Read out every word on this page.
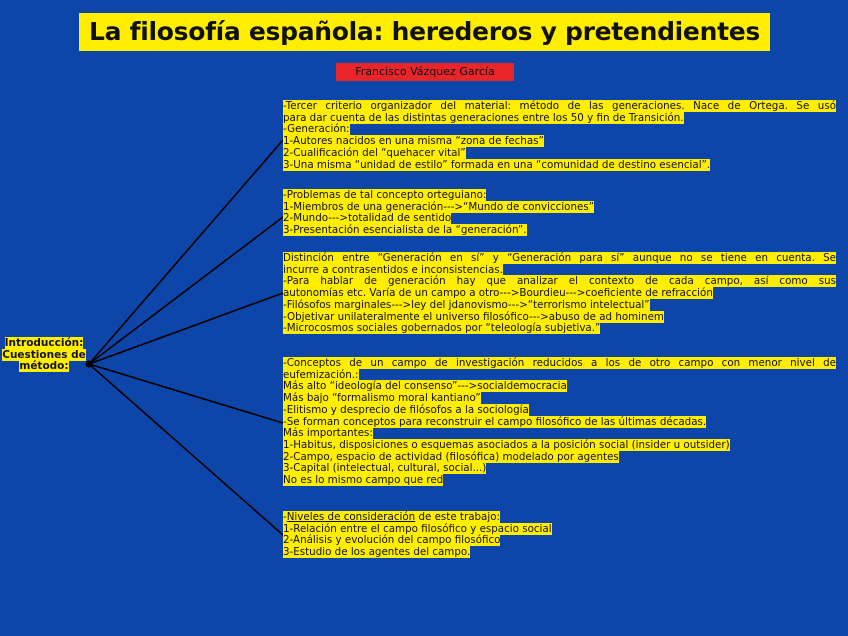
La filosofía española: herederos y pretendientes
Francisco Vázquez García
Introducción: Cuestiones de método:
-Tercer criterio organizador del material: método de las generaciones. Nace de Ortega. Se usó
para dar cuenta de las distintas generaciones entre los 50 y fin de Transición.
-Generación:
1-Autores nacidos en una misma “zona de fechas”
2-Cualificación del “quehacer vital”
3-Una misma “unidad de estilo” formada en una “comunidad de destino esencial”.
-Problemas de tal concepto orteguiano:
1-Miembros de una generación--->“Mundo de convicciones”
2-Mundo--->totalidad de sentido
3-Presentación esencialista de la “generación”.
Distinción entre “Generación en sí” y “Generación para sí” aunque no se tiene en cuenta. Se
incurre a contrasentidos e inconsistencias.
-Para hablar de generación hay que analizar el contexto de cada campo, así como sus
autonomías etc. Varía de un campo a otro--->Bourdieu--->coeficiente de refracción
-Filósofos marginales--->ley del jdanovismo--->“terrorismo intelectual”
-Objetivar unilateralmente el universo filosófico--->abuso de ad hominem
-Microcosmos sociales gobernados por “teleología subjetiva.”
-Conceptos de un campo de investigación reducidos a los de otro campo con menor nivel de
eufemización.:
Más alto “ideología del consenso”--->socialdemocracia
Más bajo “formalismo moral kantiano”
-Elitismo y desprecio de filósofos a la sociología
-Se forman conceptos para reconstruir el campo filosófico de las últimas décadas.
Más importantes:
1-Habitus, disposiciones o esquemas asociados a la posición social (insider u outsider)
2-Campo, espacio de actividad (filosófica) modelado por agentes
3-Capital (intelectual, cultural, social...)
No es lo mismo campo que red
-Niveles de consideración de este trabajo:
1-Relación entre el campo filosófico y espacio social
2-Análisis y evolución del campo filosófico
3-Estudio de los agentes del campo.
